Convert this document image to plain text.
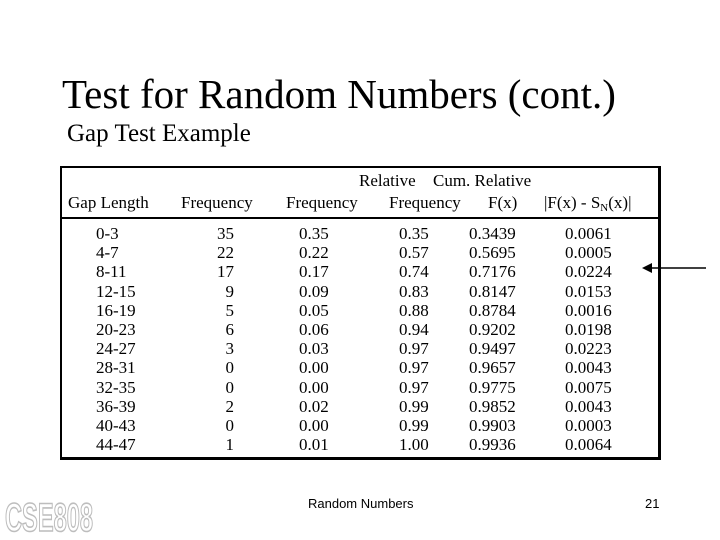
Test for Random Numbers (cont.)
Gap Test Example
Gap Length Frequency
Relative
Frequency
Cum. Relative
Frequency F(x) $|F(x) - S_N(x)|$
0-3
4-7
8-11
12-15
16-19
20-23
24-27
28-31
32-35
36-39
40-43
44-47
35
22
17
9
5
6
3
0
0
2
0
1
0.35
0.22
0.17
0.09
0.05
0.06
0.03
0.00
0.00
0.02
0.00
0.01
0.35
0.57
0.74
0.83
0.88
0.94
0.97
0.97
0.97
0.99
0.99
1.00
0.3439
0.5695
0.7176
0.8147
0.8784
0.9202
0.9497
0.9657
0.9775
0.9852
0.9903
0.9936
0.0061
0.0005
0.0224
0.0153
0.0016
0.0198
0.0223
0.0043
0.0075
0.0043
0.0003
0.0064
Random Numbers	21
CSE808
